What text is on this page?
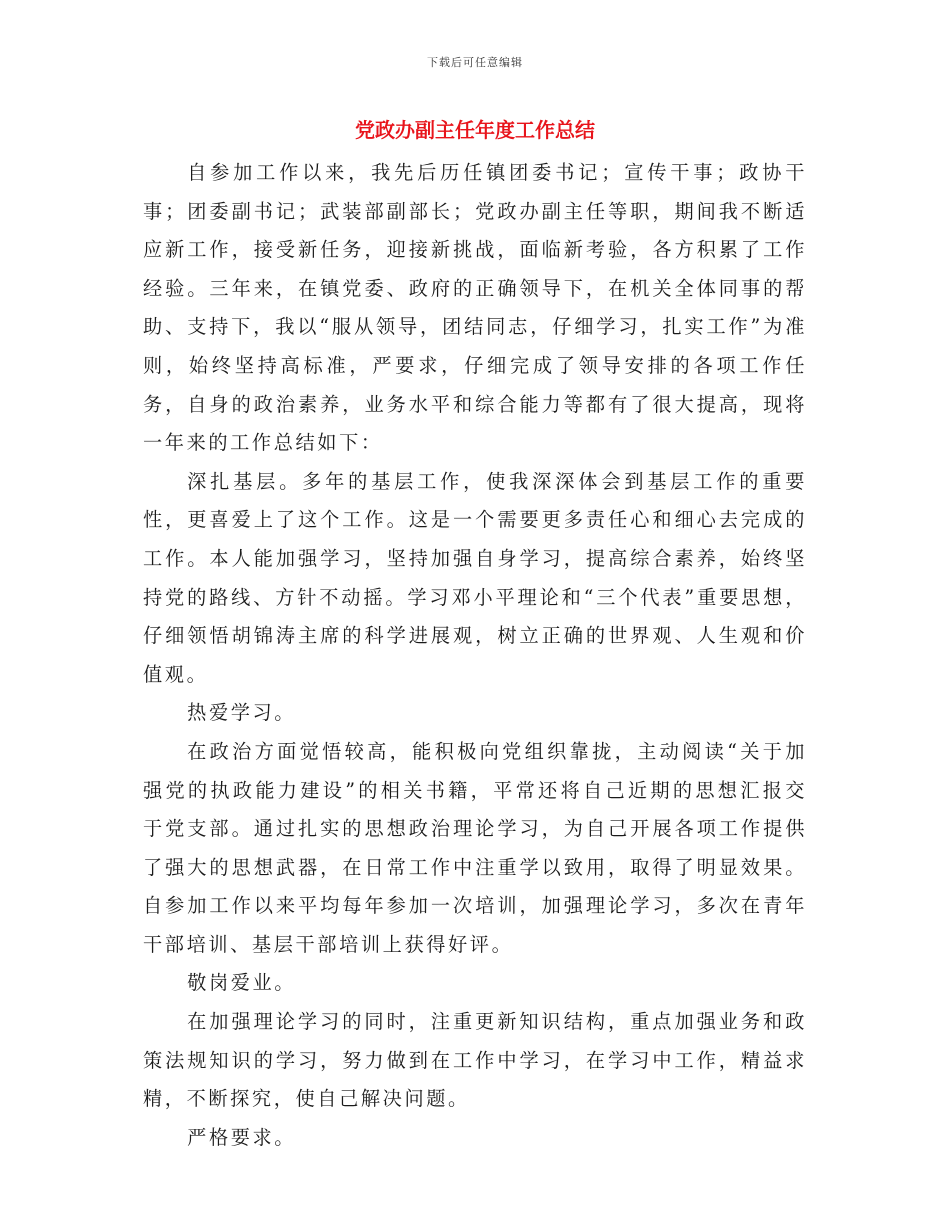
下载后可任意编辑
党政办副主任年度工作总结

自参加工作以来，我先后历任镇团委书记；宣传干事；政协干事；团委副书记；武装部副部长；党政办副主任等职，期间我不断适应新工作，接受新任务，迎接新挑战，面临新考验，各方积累了工作经验。三年来，在镇党委、政府的正确领导下，在机关全体同事的帮助、支持下，我以“服从领导，团结同志，仔细学习，扎实工作”为准则，始终坚持高标准，严要求，仔细完成了领导安排的各项工作任务，自身的政治素养，业务水平和综合能力等都有了很大提高，现将一年来的工作总结如下：

深扎基层。多年的基层工作，使我深深体会到基层工作的重要性，更喜爱上了这个工作。这是一个需要更多责任心和细心去完成的工作。本人能加强学习，坚持加强自身学习，提高综合素养，始终坚持党的路线、方针不动摇。学习邓小平理论和“三个代表”重要思想，仔细领悟胡锦涛主席的科学进展观，树立正确的世界观、人生观和价值观。

热爱学习。

在政治方面觉悟较高，能积极向党组织靠拢，主动阅读“关于加强党的执政能力建设”的相关书籍，平常还将自己近期的思想汇报交于党支部。通过扎实的思想政治理论学习，为自己开展各项工作提供了强大的思想武器，在日常工作中注重学以致用，取得了明显效果。自参加工作以来平均每年参加一次培训，加强理论学习，多次在青年干部培训、基层干部培训上获得好评。

敬岗爱业。

在加强理论学习的同时，注重更新知识结构，重点加强业务和政策法规知识的学习，努力做到在工作中学习，在学习中工作，精益求精，不断探究，使自己解决问题。

严格要求。
